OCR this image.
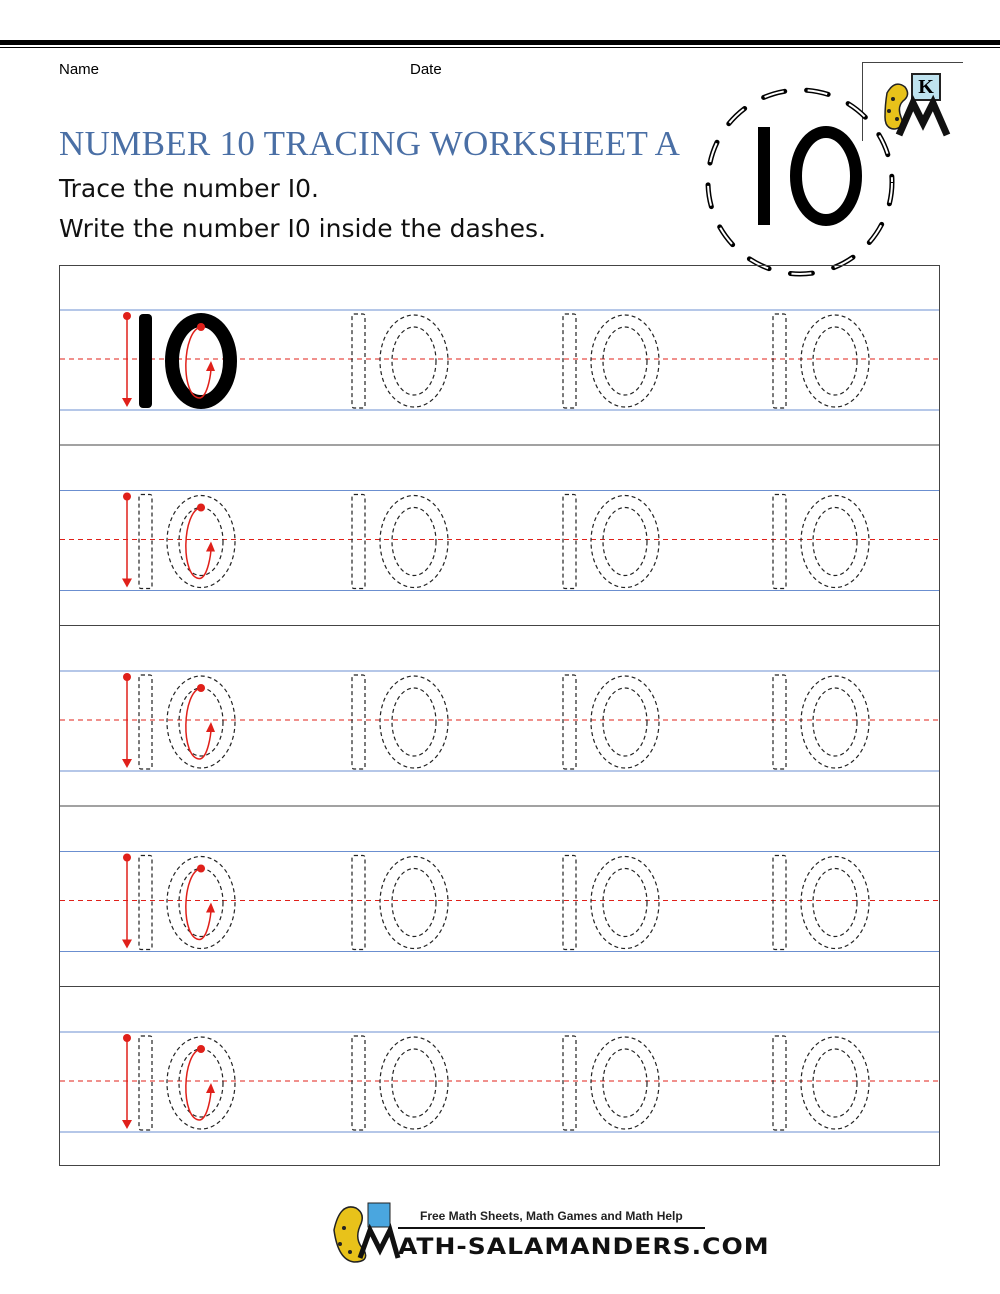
Name	Date
NUMBER 10 TRACING WORKSHEET A
Trace the number I0.
Write the number I0 inside the dashes.
K
Free Math Sheets, Math Games and Math Help
ATH-SALAMANDERS.COM
